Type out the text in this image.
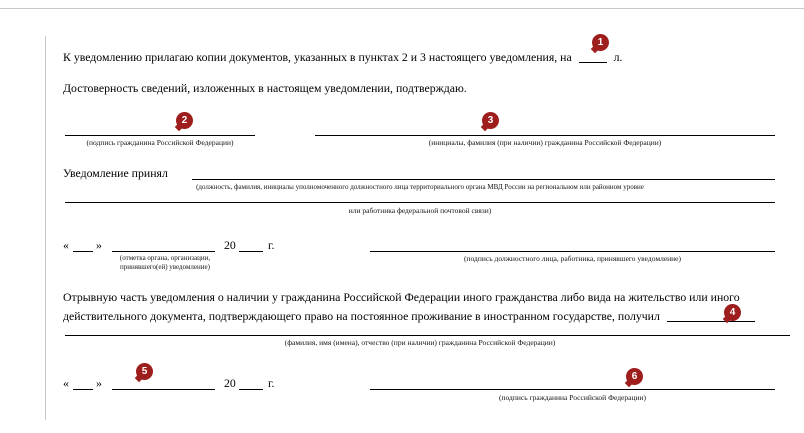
К уведомлению прилагаю копии документов, указанных в пунктах 2 и 3 настоящего уведомления, на	л.
1
Достоверность сведений, изложенных в настоящем уведомлении, подтверждаю.
2	3
(подпись гражданина Российской Федерации)	(инициалы, фамилия (при наличии) гражданина Российской Федерации)
Уведомление принял
(должность, фамилия, инициалы уполномоченного должностного лица территориального органа МВД России на региональном или районном уровне
или работника федеральной почтовой связи)
« »	20	г.
(отметка органа, организации,
принявшего(ей) уведомление)
(подпись должностного лица, работника, принявшего уведомление)
Отрывную часть уведомления о наличии у гражданина Российской Федерации иного гражданства либо вида на жительство или иного
действительного документа, подтверждающего право на постоянное проживание в иностранном государстве, получил	4
(фамилия, имя (имена), отчество (при наличии) гражданина Российской Федерации)
« »	20	г.
5	6
(подпись гражданина Российской Федерации)
